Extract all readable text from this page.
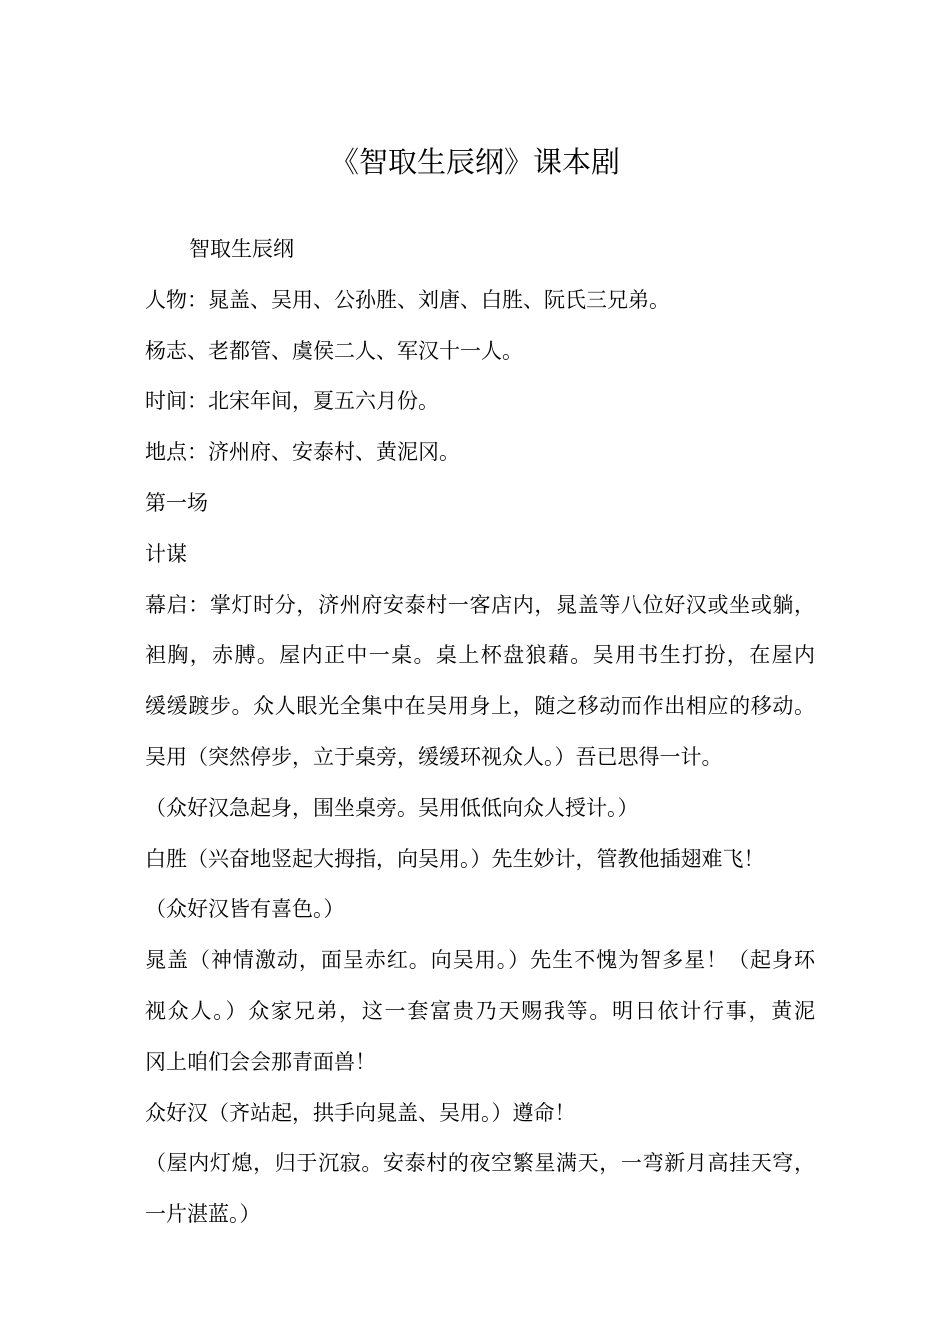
《智取生辰纲》课本剧

智取生辰纲

人物：晁盖、吴用、公孙胜、刘唐、白胜、阮氏三兄弟。

杨志、老都管、虞侯二人、军汉十一人。

时间：北宋年间，夏五六月份。

地点：济州府、安泰村、黄泥冈。

第一场

计谋

幕启：掌灯时分，济州府安泰村一客店内，晁盖等八位好汉或坐或躺，

袒胸，赤膊。屋内正中一桌。桌上杯盘狼藉。吴用书生打扮，在屋内

缓缓踱步。众人眼光全集中在吴用身上，随之移动而作出相应的移动。

吴用（突然停步，立于桌旁，缓缓环视众人。）吾已思得一计。

（众好汉急起身，围坐桌旁。吴用低低向众人授计。）

白胜（兴奋地竖起大拇指，向吴用。）先生妙计，管教他插翅难飞！

（众好汉皆有喜色。）

晁盖（神情激动，面呈赤红。向吴用。）先生不愧为智多星！（起身环

视众人。）众家兄弟，这一套富贵乃天赐我等。明日依计行事，黄泥

冈上咱们会会那青面兽！

众好汉（齐站起，拱手向晁盖、吴用。）遵命！

（屋内灯熄，归于沉寂。安泰村的夜空繁星满天，一弯新月高挂天穹，

一片湛蓝。）
